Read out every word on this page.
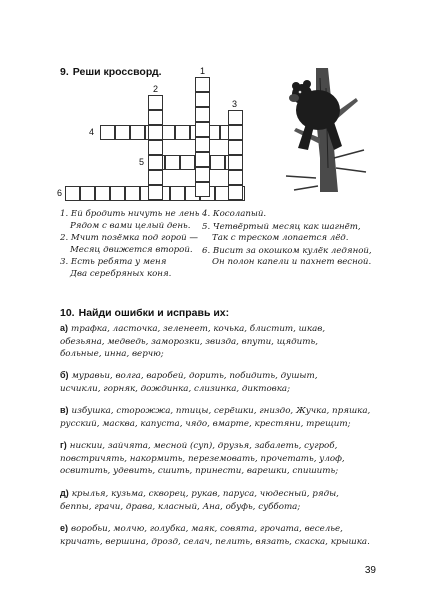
9. Реши кроссворд.	1
2
3
4
5
6
1. Ей бродить ничуть не лень
Рядом с вами целый день.
2. Мчит позёмка под горой —
Месяц движется второй.
3. Есть ребята у меня
Два серебряных коня.
4. Косолапый.
5. Четвёртый месяц как шагнёт,
Так с треском лопается лёд.
6. Висит за окошком кулёк ледяной,
Он полон капели и пахнет весной.
10. Найди ошибки и исправь их:
а) трафка, ласточка, зеленеет, кочька, блистит, шкав,
обезьяна, медведь, заморозки, звизда, впути, щядить,
больные, инна, верчю;
б) муравьи, волга, варобей, дорить, побидить, душыт,
исчикли, горняк, дождинка, слизинка, диктовка;
в) избушка, сторожжа, птицы, серёшки, гниздо, Жучка, пряшка,
русский, масква, капуста, чядо, вмарте, крестяни, трещит;
г) нискии, зайчята, месной (суп), друзья, забалеть, сугроб,
повстричять, накормить, переземовать, прочетать, улоф,
освитить, удевить, сшить, принести, варешки, спишить;
д) крылья, кузьма, скворец, рукав, паруса, чюдесный, ряды,
беппы, грачи, драва, класный, Ана, обуфь, суббота;
е) воробьи, молчю, голубка, маяк, совята, грочата, веселье,
кричать, вершина, дрозд, селач, пелить, вязать, скаска, крышка.
39
